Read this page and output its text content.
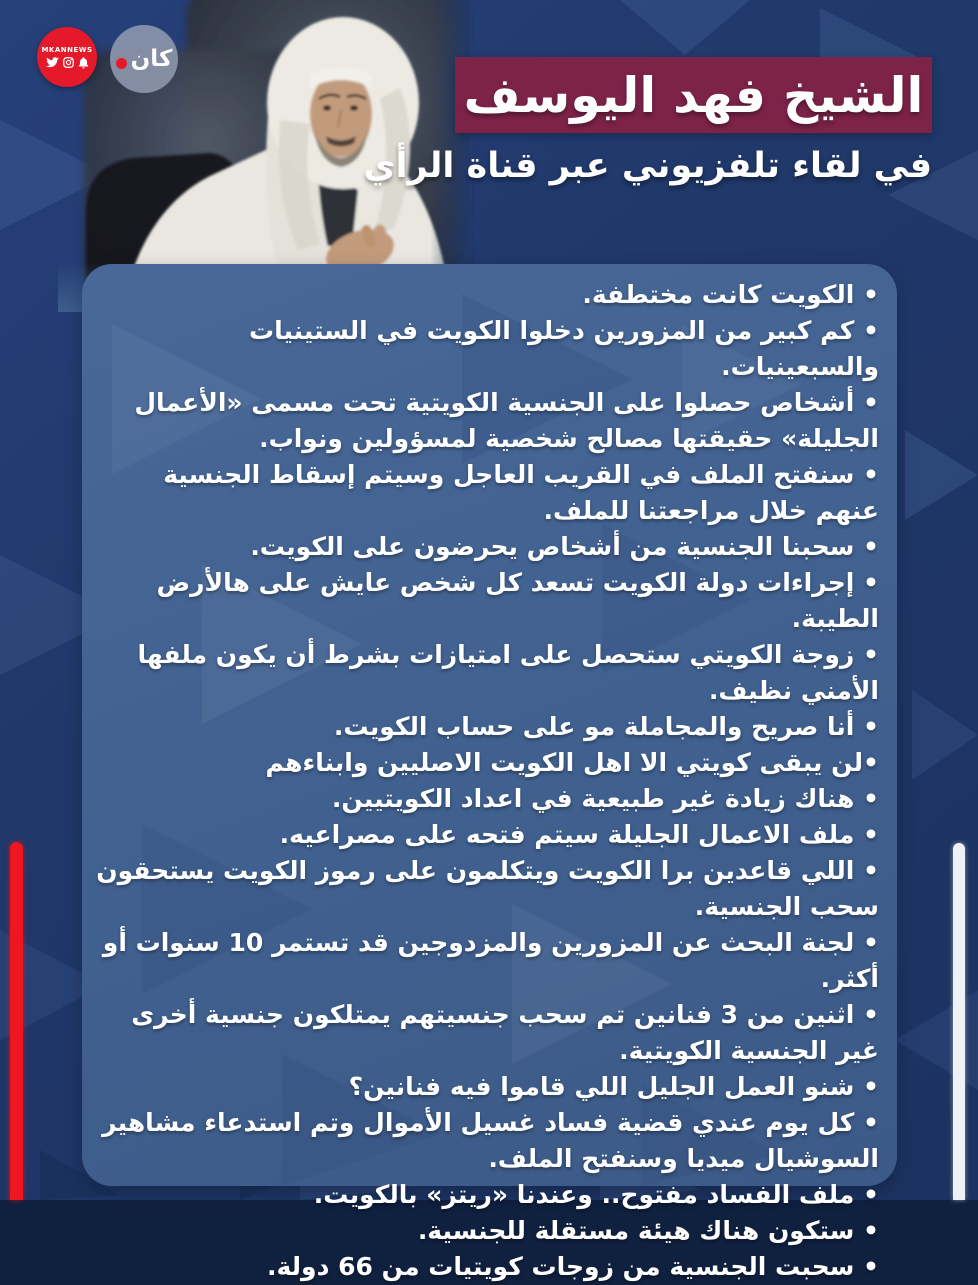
MKANNEWS كان
الشيخ فهد اليوسف
في لقاء تلفزيوني عبر قناة الرأي
• الكويت كانت مختطفة.
• كم كبير من المزورين دخلوا الكويت في الستينيات والسبعينيات.
• أشخاص حصلوا على الجنسية الكويتية تحت مسمى «الأعمال الجليلة» حقيقتها مصالح شخصية لمسؤولين ونواب.
• سنفتح الملف في القريب العاجل وسيتم إسقاط الجنسية عنهم خلال مراجعتنا للملف.
• سحبنا الجنسية من أشخاص يحرضون على الكويت.
• إجراءات دولة الكويت تسعد كل شخص عايش على هالأرض الطيبة.
• زوجة الكويتي ستحصل على امتيازات بشرط أن يكون ملفها الأمني نظيف.
• أنا صريح والمجاملة مو على حساب الكويت.
•لن يبقى كويتي الا اهل الكويت الاصليين وابناءهم
• هناك زيادة غير طبيعية في اعداد الكويتيين.
• ملف الاعمال الجليلة سيتم فتحه على مصراعيه.
• اللي قاعدين برا الكويت ويتكلمون على رموز الكويت يستحقون سحب الجنسية.
• لجنة البحث عن المزورين والمزدوجين قد تستمر 10 سنوات أو أكثر.
• اثنين من 3 فنانين تم سحب جنسيتهم يمتلكون جنسية أخرى غير الجنسية الكويتية.
• شنو العمل الجليل اللي قاموا فيه فنانين؟
• كل يوم عندي قضية فساد غسيل الأموال وتم استدعاء مشاهير السوشيال ميديا وسنفتح الملف.
• ملف الفساد مفتوح.. وعندنا «ريتز» بالكويت.
• ستكون هناك هيئة مستقلة للجنسية.
• سحبت الجنسية من زوجات كويتيات من 66 دولة.
